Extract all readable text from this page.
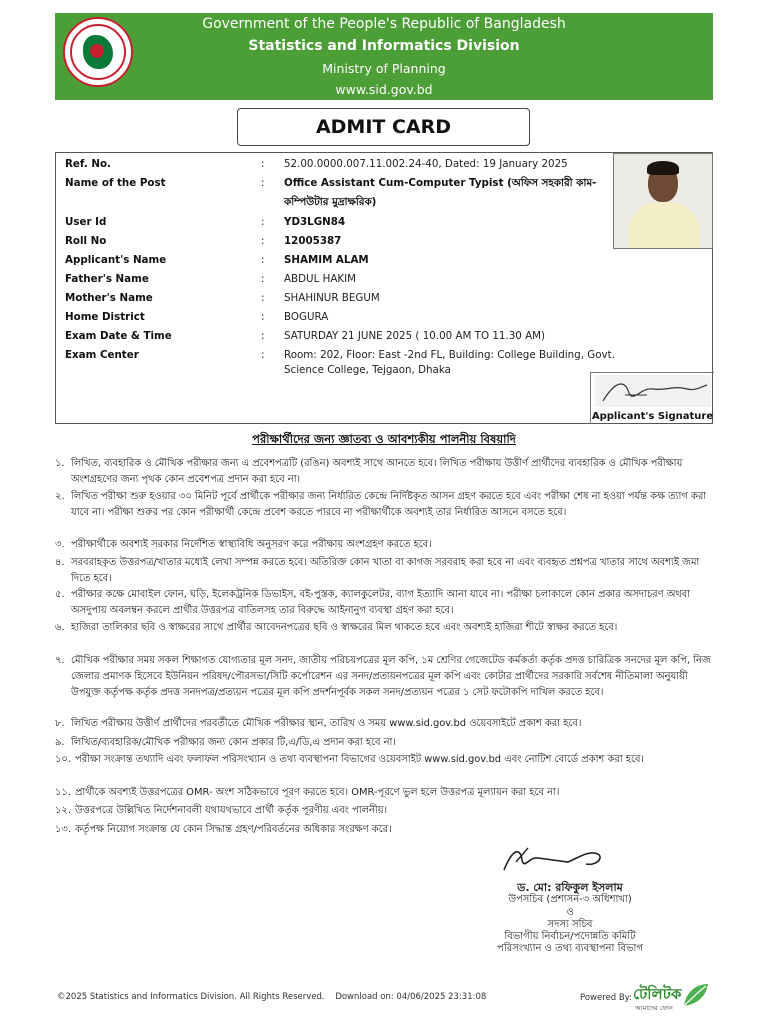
Government of the People's Republic of Bangladesh
Statistics and Informatics Division
Ministry of Planning
www.sid.gov.bd
ADMIT CARD
Ref. No.	: 52.00.0000.007.11.002.24-40, Dated: 19 January 2025
Name of the Post	: Office Assistant Cum-Computer Typist (অফিস সহকারী কাম-কম্পিউটার মুদ্রাক্ষরিক)
User Id	: YD3LGN84
Roll No	: 12005387
Applicant's Name	: SHAMIM ALAM
Father's Name	: ABDUL HAKIM
Mother's Name	: SHAHINUR BEGUM
Home District	: BOGURA
Exam Date & Time	: SATURDAY 21 JUNE 2025 ( 10.00 AM TO 11.30 AM)
Exam Center	: Room: 202, Floor: East -2nd FL, Building: College Building, Govt. Science College, Tejgaon, Dhaka
Applicant's Signature
পরীক্ষার্থীদের জন্য জ্ঞাতব্য ও আবশ্যকীয় পালনীয় বিষয়াদি
১. লিখিত, ব্যবহারিক ও মৌখিক পরীক্ষার জন্য এ প্রবেশপত্রটি (রঙিন) অবশ্যই সাথে আনতে হবে। লিখিত পরীক্ষায় উত্তীর্ণ প্রার্থীদের ব্যবহারিক ও মৌখিক পরীক্ষায় অংশগ্রহণের জন্য পৃথক কোন প্রবেশপত্র প্রদান করা হবে না।
২. লিখিত পরীক্ষা শুরু হওয়ার ৩০ মিনিট পূর্বে প্রার্থীকে পরীক্ষার জন্য নির্ধারিত কেন্দ্রে নির্দিষ্টকৃত আসন গ্রহণ করতে হবে এবং পরীক্ষা শেষ না হওয়া পর্যন্ত কক্ষ ত্যাগ করা যাবে না। পরীক্ষা শুরুর পর কোন পরীক্ষার্থী কেন্দ্রে প্রবেশ করতে পারবে না পরীক্ষার্থীকে অবশ্যই তার নির্ধারিত আসনে বসতে হবে।
৩. পরীক্ষার্থীকে অবশ্যই সরকার নির্দেশিত স্বাস্থ্যবিধি অনুসরণ করে পরীক্ষায় অংশগ্রহণ করতে হবে।
৪. সরবরাহকৃত উত্তরপত্র/খাতার মধ্যেই লেখা সম্পন্ন করতে হবে। অতিরিক্ত কোন খাতা বা কাগজ সরবরাহ করা হবে না এবং ব্যবহৃত প্রশ্নপত্র খাতার সাথে অবশ্যই জমা দিতে হবে।
৫. পরীক্ষার কক্ষে মোবাইল ফোন, ঘড়ি, ইলেকট্রনিক ডিভাইস, বই-পুস্তক, ক্যালকুলেটর, ব্যাগ ইত্যাদি আনা যাবে না। পরীক্ষা চলাকালে কোন প্রকার অসদাচরণ অথবা অসদুপায় অবলম্বন করলে প্রার্থীর উত্তরপত্র বাতিলসহ তার বিরুদ্ধে আইনানুগ ব্যবস্থা গ্রহণ করা হবে।
৬. হাজিরা তালিকার ছবি ও স্বাক্ষরের সাথে প্রার্থীর আবেদনপত্রের ছবি ও স্বাক্ষরের মিল থাকতে হবে এবং অবশ্যই হাজিরা শীটে স্বাক্ষর করতে হবে।
৭. মৌখিক পরীক্ষার সময় সকল শিক্ষাগত যোগ্যতার মূল সনদ, জাতীয় পরিচয়পত্রের মূল কপি, ১ম শ্রেণির গেজেটেড কর্মকর্তা কর্তৃক প্রদত্ত চারিত্রিক সনদের মূল কপি, নিজ জেলার প্রমাণক হিসেবে ইউনিয়ন পরিষদ/পৌরসভা/সিটি কর্পোরেশন এর সনদ/প্রত্যয়নপত্রের মূল কপি এবং কোটার প্রার্থীদের সরকারি সর্বশেষ নীতিমালা অনুযায়ী উপযুক্ত কর্তৃপক্ষ কর্তৃক প্রদত্ত সনদপত্র/প্রত্যয়ন পত্রের মূল কপি প্রদর্শনপূর্বক সকল সনদ/প্রত্যয়ন পত্রের ১ সেট ফটোকপি দাখিল করতে হবে।
৮. লিখিত পরীক্ষায় উত্তীর্ণ প্রার্থীদের পরবর্তীতে মৌখিক পরীক্ষার স্থান, তারিখ ও সময় www.sid.gov.bd ওয়েবসাইটে প্রকাশ করা হবে।
৯. লিখিত/ব্যবহারিক/মৌখিক পরীক্ষার জন্য কোন প্রকার টি,এ/ডি,এ প্রদান করা হবে না।
১০. পরীক্ষা সংক্রান্ত তথ্যাদি এবং ফলাফল পরিসংখ্যান ও তথ্য ব্যবস্থাপনা বিভাগের ওয়েবসাইট www.sid.gov.bd এবং নোটিশ বোর্ডে প্রকাশ করা হবে।
১১. প্রার্থীকে অবশ্যই উত্তরপত্রের OMR- অংশ সঠিকভাবে পূরণ করতে হবে। OMR-পূরণে ভুল হলে উত্তরপত্র মূল্যায়ন করা হবে না।
১২. উত্তরপত্রে উল্লিখিত নির্দেশনাবলী যথাযথভাবে প্রার্থী কর্তৃক পূরণীয় এবং পালনীয়।
১৩. কর্তৃপক্ষ নিয়োগ সংক্রান্ত যে কোন সিদ্ধান্ত গ্রহণ/পরিবর্তনের অধিকার সংরক্ষণ করে।
ড. মো: রফিকুল ইসলাম
উপসচিব (প্রশাসন-৩ অধিশাখা)
ও
সদস্য সচিব
বিভাগীয় নির্বাচন/পদোন্নতি কমিটি
পরিসংখ্যান ও তথ্য ব্যবস্থাপনা বিভাগ
©2025 Statistics and Informatics Division. All Rights Reserved. Download on: 04/06/2025 23:31:08	Powered By: টেলিটক
আমাদের ফোন
